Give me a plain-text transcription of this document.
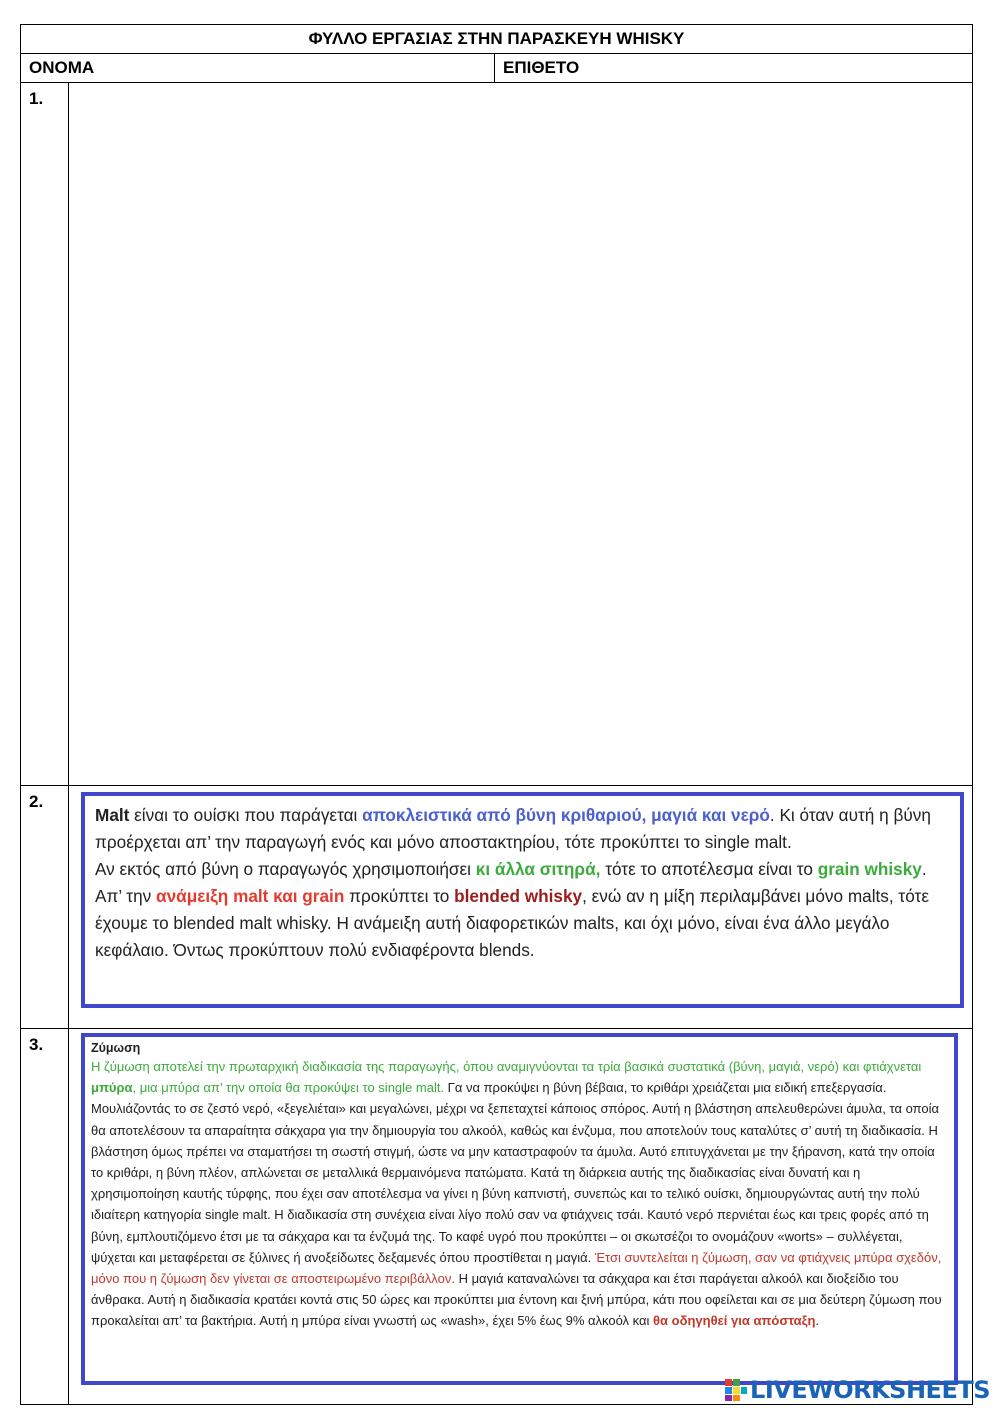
ΦΥΛΛΟ ΕΡΓΑΣΙΑΣ ΣΤΗΝ ΠΑΡΑΣΚΕΥΗ WHISKY		
ΟΝΟΜΑ		ΕΠΙΘΕΤΟ
1.		
2.	Malt είναι το ουίσκι που παράγεται αποκλειστικά από βύνη κριθαριού, μαγιά και νερό. Κι όταν αυτή η βύνη προέρχεται απ’ την παραγωγή ενός και μόνο αποστακτηρίου, τότε προκύπτει το single malt.
Αν εκτός από βύνη ο παραγωγός χρησιμοποιήσει κι άλλα σιτηρά, τότε το αποτέλεσμα είναι το grain whisky.
Απ’ την ανάμειξη malt και grain προκύπτει το blended whisky, ενώ αν η μίξη περιλαμβάνει μόνο malts, τότε έχουμε το blended malt whisky. Η ανάμειξη αυτή διαφορετικών malts, και όχι μόνο, είναι ένα άλλο μεγάλο κεφάλαιο. Όντως προκύπτουν πολύ ενδιαφέροντα blends.	

3.	Ζύμωση
Η ζύμωση αποτελεί την πρωταρχική διαδικασία της παραγωγής, όπου αναμιγνύονται τα τρία βασικά συστατικά (βύνη, μαγιά, νερό) και φτιάχνεται μπύρα, μια μπύρα απ’ την οποία θα προκύψει το single malt. Γα να προκύψει η βύνη βέβαια, το κριθάρι χρειάζεται μια ειδική επεξεργασία. Μουλιάζοντάς το σε ζεστό νερό, «ξεγελιέται» και μεγαλώνει, μέχρι να ξεπεταχτεί κάποιος σπόρος. Αυτή η βλάστηση απελευθερώνει άμυλα, τα οποία θα αποτελέσουν τα απαραίτητα σάκχαρα για την δημιουργία του αλκοόλ, καθώς και ένζυμα, που αποτελούν τους καταλύτες σ’ αυτή τη διαδικασία. Η βλάστηση όμως πρέπει να σταματήσει τη σωστή στιγμή, ώστε να μην καταστραφούν τα άμυλα. Αυτό επιτυγχάνεται με την ξήρανση, κατά την οποία το κριθάρι, η βύνη πλέον, απλώνεται σε μεταλλικά θερμαινόμενα πατώματα. Κατά τη διάρκεια αυτής της διαδικασίας είναι δυνατή και η χρησιμοποίηση καυτής τύρφης, που έχει σαν αποτέλεσμα να γίνει η βύνη καπνιστή, συνεπώς και το τελικό ουίσκι, δημιουργώντας αυτή την πολύ ιδιαίτερη κατηγορία single malt. Η διαδικασία στη συνέχεια είναι λίγο πολύ σαν να φτιάχνεις τσάι. Καυτό νερό περνιέται έως και τρεις φορές από τη βύνη, εμπλουτιζόμενο έτσι με τα σάκχαρα και τα ένζυμά της. Το καφέ υγρό που προκύπτει – οι σκωτσέζοι το ονομάζουν «worts» – συλλέγεται, ψύχεται και μεταφέρεται σε ξύλινες ή ανοξείδωτες δεξαμενές όπου προστίθεται η μαγιά. Έτσι συντελείται η ζύμωση, σαν να φτιάχνεις μπύρα σχεδόν, μόνο που η ζύμωση δεν γίνεται σε αποστειρωμένο περιβάλλον. Η μαγιά καταναλώνει τα σάκχαρα και έτσι παράγεται αλκοόλ και διοξείδιο του άνθρακα. Αυτή η διαδικασία κρατάει κοντά στις 50 ώρες και προκύπτει μια έντονη και ξινή μπύρα, κάτι που οφείλεται και σε μια δεύτερη ζύμωση που προκαλείται απ’ τα βακτήρια. Αυτή η μπύρα είναι γνωστή ως «wash», έχει 5% έως 9% αλκοόλ και θα οδηγηθεί για απόσταξη.	
LIVEWORKSHEETS
